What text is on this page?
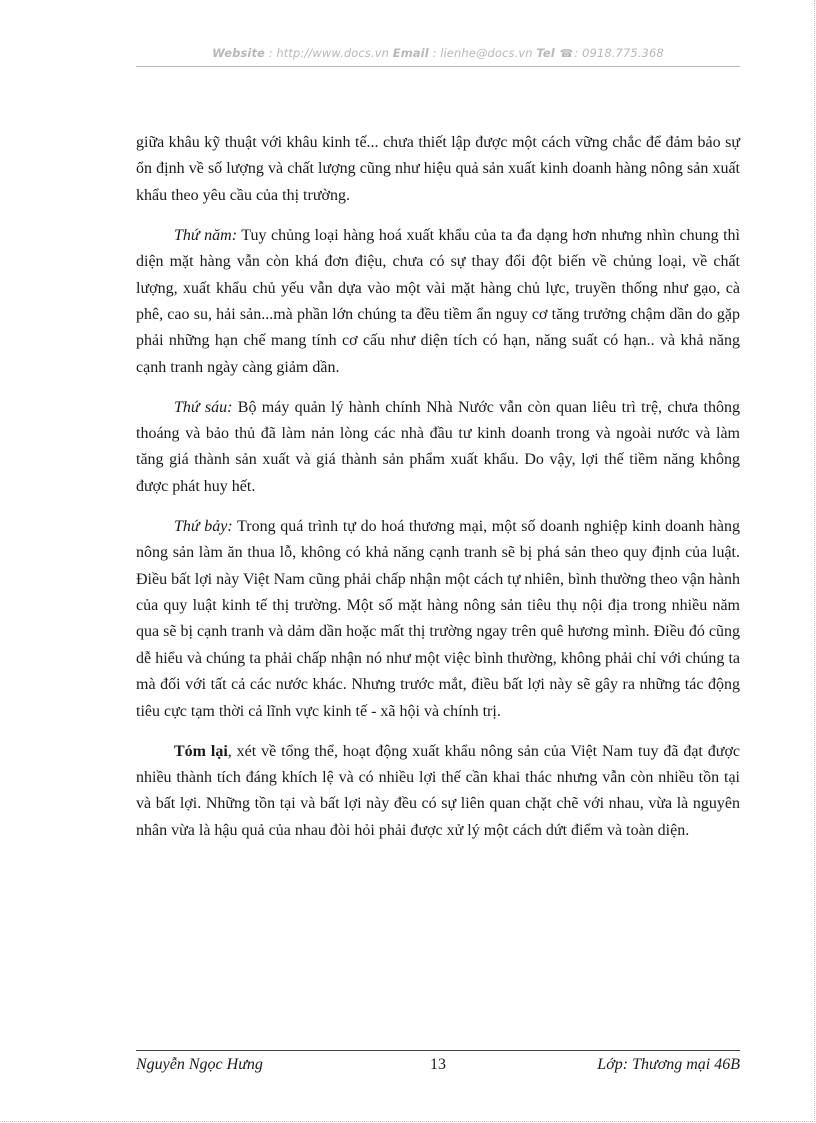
Website : http://www.docs.vn Email : lienhe@docs.vn Tel ☎: 0918.775.368

giữa khâu kỹ thuật với khâu kinh tế... chưa thiết lập được một cách vững chắc để đảm bảo sự ổn định về số lượng và chất lượng cũng như hiệu quả sản xuất kinh doanh hàng nông sản xuất khẩu theo yêu cầu của thị trường.

Thứ năm: Tuy chủng loại hàng hoá xuất khẩu của ta đa dạng hơn nhưng nhìn chung thì diện mặt hàng vẫn còn khá đơn điệu, chưa có sự thay đổi đột biến về chủng loại, về chất lượng, xuất khẩu chủ yếu vẫn dựa vào một vài mặt hàng chủ lực, truyền thống như gạo, cà phê, cao su, hải sản...mà phần lớn chúng ta đều tiềm ẩn nguy cơ tăng trưởng chậm dần do gặp phải những hạn chế mang tính cơ cấu như diện tích có hạn, năng suất có hạn.. và khả năng cạnh tranh ngày càng giảm dần.

Thứ sáu: Bộ máy quản lý hành chính Nhà Nước vẫn còn quan liêu trì trệ, chưa thông thoáng và bảo thủ đã làm nản lòng các nhà đầu tư kinh doanh trong và ngoài nước và làm tăng giá thành sản xuất và giá thành sản phẩm xuất khẩu. Do vậy, lợi thế tiềm năng không được phát huy hết.

Thứ bảy: Trong quá trình tự do hoá thương mại, một số doanh nghiệp kinh doanh hàng nông sản làm ăn thua lỗ, không có khả năng cạnh tranh sẽ bị phá sản theo quy định của luật. Điều bất lợi này Việt Nam cũng phải chấp nhận một cách tự nhiên, bình thường theo vận hành của quy luật kinh tế thị trường. Một số mặt hàng nông sản tiêu thụ nội địa trong nhiều năm qua sẽ bị cạnh tranh và dảm dần hoặc mất thị trường ngay trên quê hương mình. Điều đó cũng dễ hiểu và chúng ta phải chấp nhận nó như một việc bình thường, không phải chỉ với chúng ta mà đối với tất cả các nước khác. Nhưng trước mắt, điều bất lợi này sẽ gây ra những tác động tiêu cực tạm thời cả lĩnh vực kinh tế - xã hội và chính trị.

Tóm lại, xét về tổng thể, hoạt động xuất khẩu nông sản của Việt Nam tuy đã đạt được nhiều thành tích đáng khích lệ và có nhiều lợi thế cần khai thác nhưng vẫn còn nhiều tồn tại và bất lợi. Những tồn tại và bất lợi này đều có sự liên quan chặt chẽ với nhau, vừa là nguyên nhân vừa là hậu quả của nhau đòi hỏi phải được xử lý một cách dứt điểm và toàn diện.

Nguyễn Ngọc Hưng	13	Lớp: Thương mại 46B
